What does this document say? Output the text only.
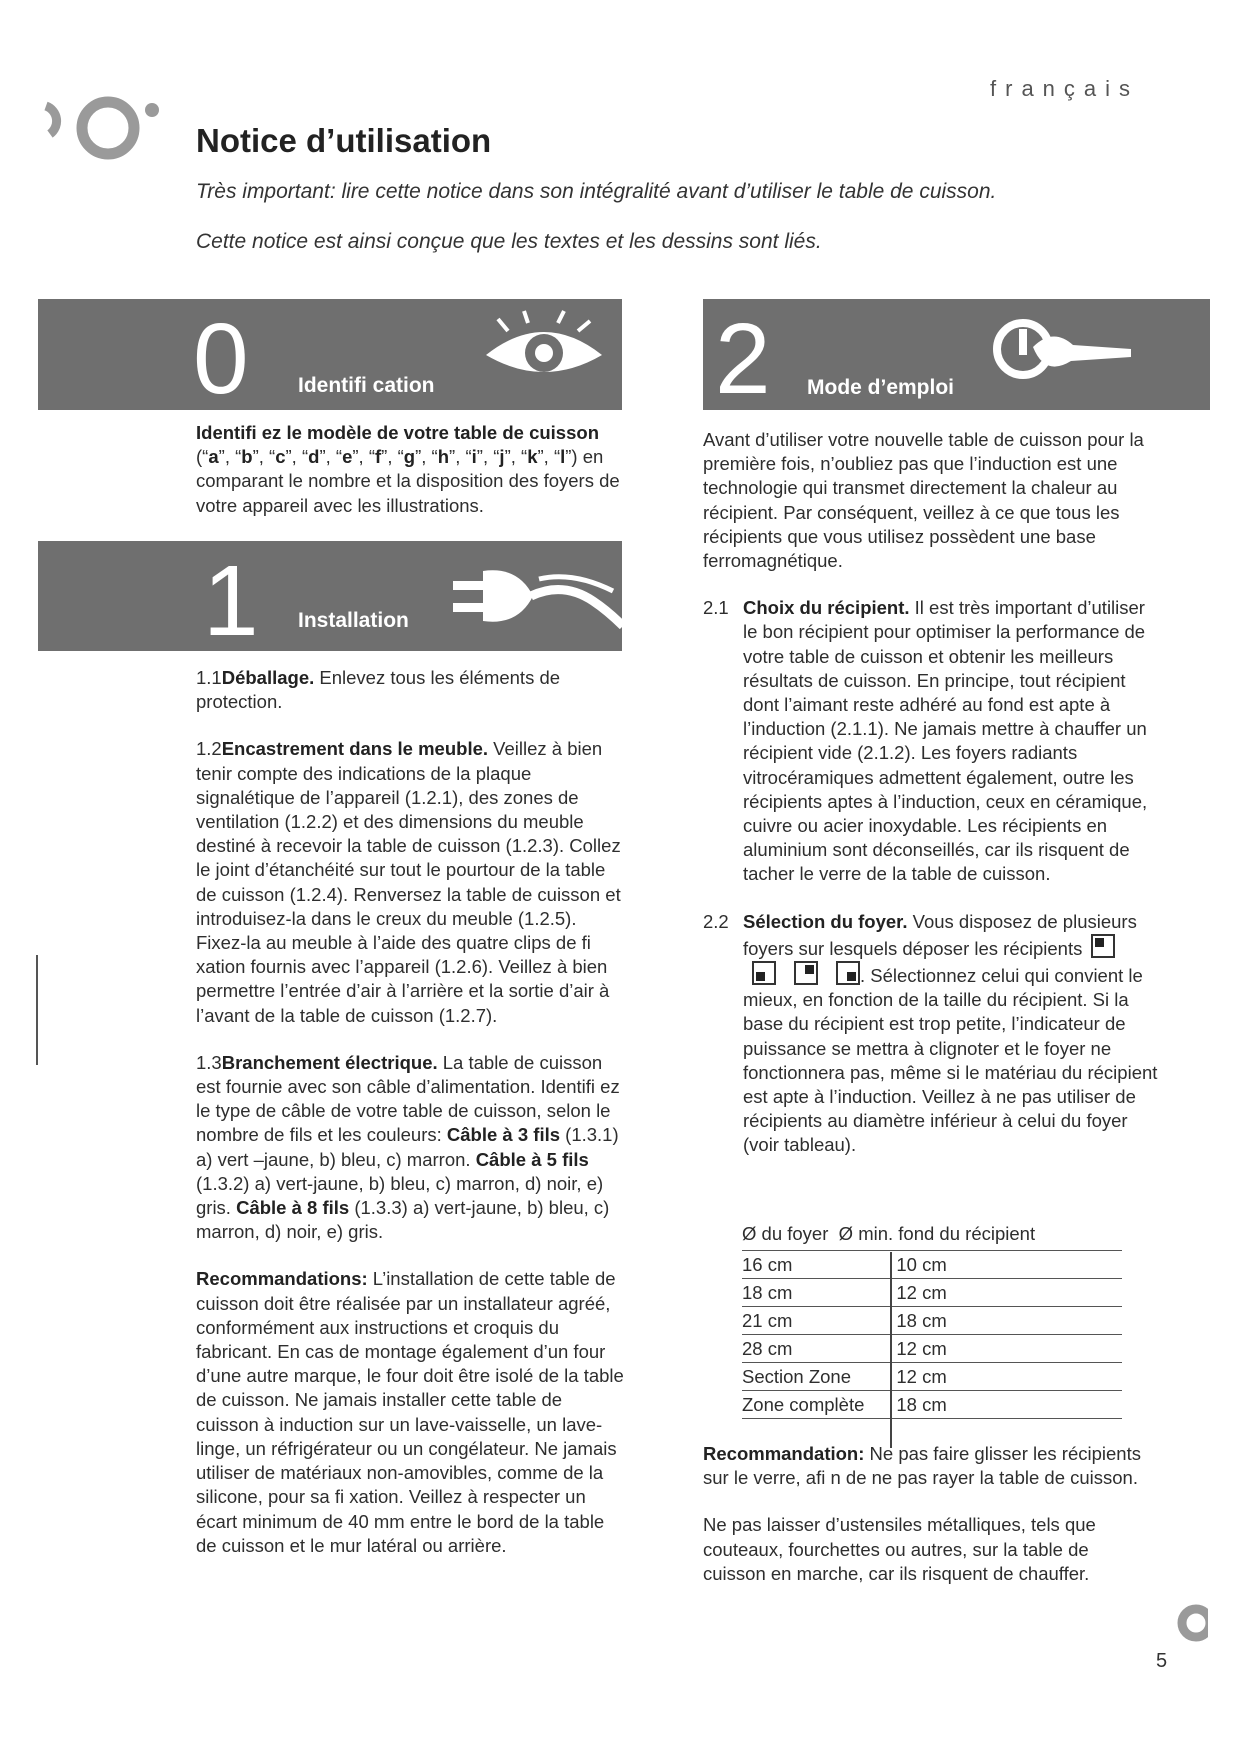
français
Notice d’utilisation
Très important: lire cette notice dans son intégralité avant d’utiliser le table de cuisson.
Cette notice est ainsi conçue que les textes et les dessins sont liés.
0 Identifi cation

Identifi ez le modèle de votre table de cuisson
(“a”, “b”, “c”, “d”, “e”, “f”, “g”, “h”, “i”, “j”, “k”, “l”) en comparant le nombre et la disposition des foyers de votre appareil avec les illustrations.

1 Installation
1.1Déballage. Enlevez tous les éléments de protection.
1.2Encastrement dans le meuble. Veillez à bien tenir compte des indications de la plaque signalétique de l’appareil (1.2.1), des zones de ventilation (1.2.2) et des dimensions du meuble destiné à recevoir la table de cuisson (1.2.3). Collez le joint d’étanchéité sur tout le pourtour de la table de cuisson (1.2.4). Renversez la table de cuisson et introduisez-la dans le creux du meuble (1.2.5). Fixez-la au meuble à l’aide des quatre clips de fi xation fournis avec l’appareil (1.2.6). Veillez à bien permettre l’entrée d’air à l’arrière et la sortie d’air à l’avant de la table de cuisson (1.2.7).
1.3Branchement électrique. La table de cuisson est fournie avec son câble d’alimentation. Identifi ez le type de câble de votre table de cuisson, selon le nombre de fils et les couleurs: Câble à 3 fils (1.3.1) a) vert –jaune, b) bleu, c) marron. Câble à 5 fils (1.3.2) a) vert-jaune, b) bleu, c) marron, d) noir, e) gris. Câble à 8 fils (1.3.3) a) vert-jaune, b) bleu, c) marron, d) noir, e) gris.
Recommandations: L’installation de cette table de cuisson doit être réalisée par un installateur agréé, conformément aux instructions et croquis du fabricant. En cas de montage également d’un four d’une autre marque, le four doit être isolé de la table de cuisson. Ne jamais installer cette table de cuisson à induction sur un lave-vaisselle, un lave-linge, un réfrigérateur ou un congélateur. Ne jamais utiliser de matériaux non-amovibles, comme de la silicone, pour sa fi xation. Veillez à respecter un écart minimum de 40 mm entre le bord de la table de cuisson et le mur latéral ou arrière.
2 Mode d’emploi

Avant d’utiliser votre nouvelle table de cuisson pour la première fois, n’oubliez pas que l’induction est une technologie qui transmet directement la chaleur au récipient. Par conséquent, veillez à ce que tous les récipients que vous utilisez possèdent une base ferromagnétique.

2.1 Choix du récipient. Il est très important d’utiliser le bon récipient pour optimiser la performance de votre table de cuisson et obtenir les meilleurs résultats de cuisson. En principe, tout récipient dont l’aimant reste adhéré au fond est apte à l’induction (2.1.1). Ne jamais mettre à chauffer un récipient vide (2.1.2). Les foyers radiants vitrocéramiques admettent également, outre les récipients aptes à l’induction, ceux en céramique, cuivre ou acier inoxydable. Les récipients en aluminium sont déconseillés, car ils risquent de tacher le verre de la table de cuisson.
2.2 Sélection du foyer. Vous disposez de plusieurs foyers sur lesquels déposer les récipients
. Sélectionnez celui qui convient le mieux, en fonction de la taille du récipient. Si la base du récipient est trop petite, l’indicateur de puissance se mettra à clignoter et le foyer ne fonctionnera pas, même si le matériau du récipient est apte à l’induction. Veillez à ne pas utiliser de récipients au diamètre inférieur à celui du foyer (voir tableau).
Ø du foyer Ø min. fond du récipient
16 cm	10 cm
18 cm	12 cm
21 cm	18 cm
28 cm	12 cm
Section Zone	12 cm
Zone complète	18 cm

Recommandation: Ne pas faire glisser les récipients sur le verre, afi n de ne pas rayer la table de cuisson.

Ne pas laisser d’ustensiles métalliques, tels que couteaux, fourchettes ou autres, sur la table de cuisson en marche, car ils risquent de chauffer.

5
